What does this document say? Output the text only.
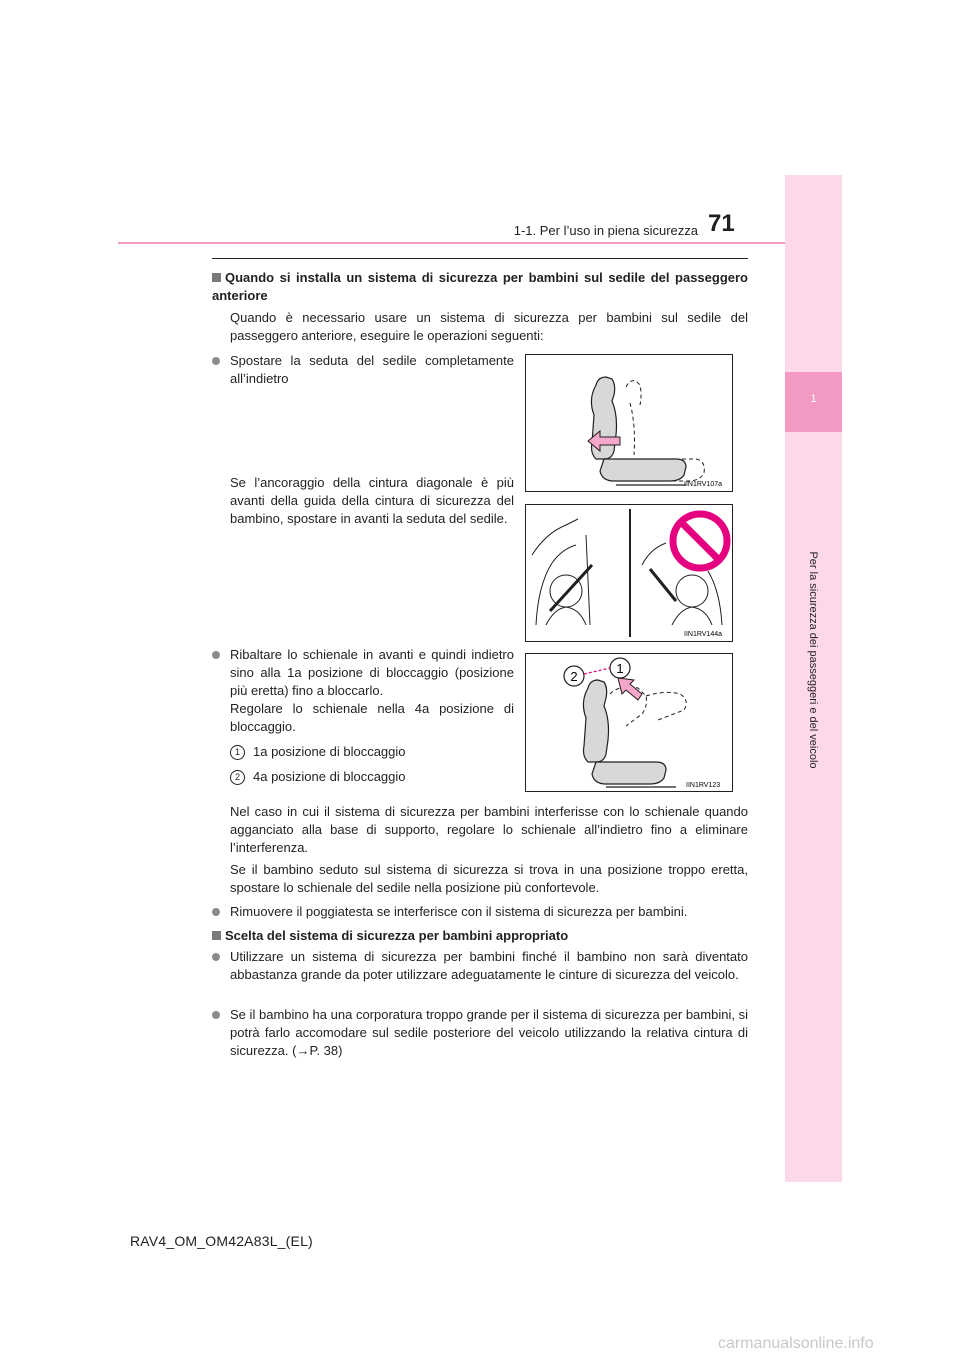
1
Per la sicurezza dei passeggeri e del veicolo
1-1. Per l’uso in piena sicurezza 71
Quando si installa un sistema di sicurezza per bambini sul sedile del passeggero anteriore
Quando è necessario usare un sistema di sicurezza per bambini sul sedile del passeggero anteriore, eseguire le operazioni seguenti:
Spostare la seduta del sedile completamente all’indietro
Se l’ancoraggio della cintura diagonale è più avanti della guida della cintura di sicurezza del bambino, spostare in avanti la seduta del sedile.
Ribaltare lo schienale in avanti e quindi indietro sino alla 1a posizione di bloccaggio (posizione più eretta) fino a bloccarlo.
Regolare lo schienale nella 4a posizione di bloccaggio.
1	1a posizione di bloccaggio
2	4a posizione di bloccaggio
Nel caso in cui il sistema di sicurezza per bambini interferisse con lo schienale quando agganciato alla base di supporto, regolare lo schienale all’indietro fino a eliminare l’interferenza.
Se il bambino seduto sul sistema di sicurezza si trova in una posizione troppo eretta, spostare lo schienale del sedile nella posizione più confortevole.
Rimuovere il poggiatesta se interferisce con il sistema di sicurezza per bambini.
Scelta del sistema di sicurezza per bambini appropriato
Utilizzare un sistema di sicurezza per bambini finché il bambino non sarà diventato abbastanza grande da poter utilizzare adeguatamente le cinture di sicurezza del veicolo.
Se il bambino ha una corporatura troppo grande per il sistema di sicurezza per bambini, si potrà farlo accomodare sul sedile posteriore del veicolo utilizzando la relativa cintura di sicurezza. (→P. 38)
IIN1RV107a
IIN1RV144a
2
1
IIN1RV123
RAV4_OM_OM42A83L_(EL)
carmanualsonline.info
